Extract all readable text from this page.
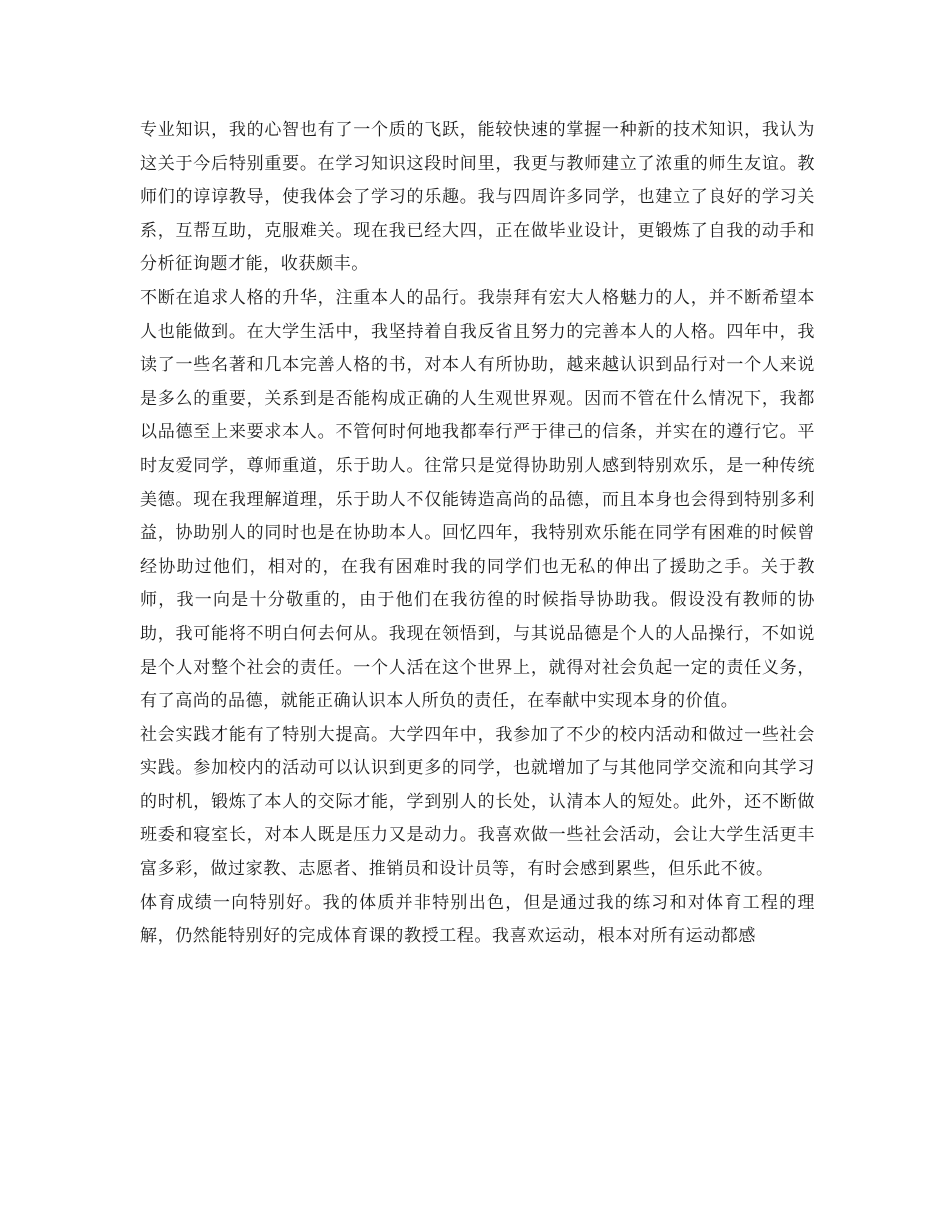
专业知识，我的心智也有了一个质的飞跃，能较快速的掌握一种新的技术知识，我认为这关于今后特别重要。在学习知识这段时间里，我更与教师建立了浓重的师生友谊。教师们的谆谆教导，使我体会了学习的乐趣。我与四周许多同学，也建立了良好的学习关系，互帮互助，克服难关。现在我已经大四，正在做毕业设计，更锻炼了自我的动手和分析征询题才能，收获颇丰。

不断在追求人格的升华，注重本人的品行。我崇拜有宏大人格魅力的人，并不断希望本人也能做到。在大学生活中，我坚持着自我反省且努力的完善本人的人格。四年中，我读了一些名著和几本完善人格的书，对本人有所协助，越来越认识到品行对一个人来说是多么的重要，关系到是否能构成正确的人生观世界观。因而不管在什么情况下，我都以品德至上来要求本人。不管何时何地我都奉行严于律己的信条，并实在的遵行它。平时友爱同学，尊师重道，乐于助人。往常只是觉得协助别人感到特别欢乐，是一种传统美德。现在我理解道理，乐于助人不仅能铸造高尚的品德，而且本身也会得到特别多利益，协助别人的同时也是在协助本人。回忆四年，我特别欢乐能在同学有困难的时候曾经协助过他们，相对的，在我有困难时我的同学们也无私的伸出了援助之手。关于教师，我一向是十分敬重的，由于他们在我彷徨的时候指导协助我。假设没有教师的协助，我可能将不明白何去何从。我现在领悟到，与其说品德是个人的人品操行，不如说是个人对整个社会的责任。一个人活在这个世界上，就得对社会负起一定的责任义务，有了高尚的品德，就能正确认识本人所负的责任，在奉献中实现本身的价值。

社会实践才能有了特别大提高。大学四年中，我参加了不少的校内活动和做过一些社会实践。参加校内的活动可以认识到更多的同学，也就增加了与其他同学交流和向其学习的时机，锻炼了本人的交际才能，学到别人的长处，认清本人的短处。此外，还不断做班委和寝室长，对本人既是压力又是动力。我喜欢做一些社会活动，会让大学生活更丰富多彩，做过家教、志愿者、推销员和设计员等，有时会感到累些，但乐此不彼。

体育成绩一向特别好。我的体质并非特别出色，但是通过我的练习和对体育工程的理解，仍然能特别好的完成体育课的教授工程。我喜欢运动，根本对所有运动都感
